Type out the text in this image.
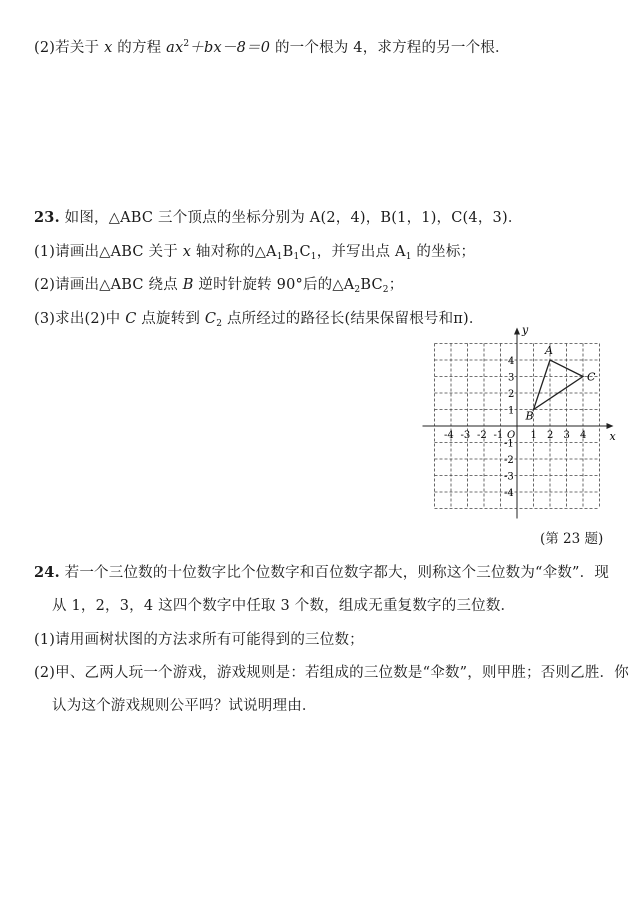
(2)若关于 x 的方程 $ax^2+bx-8=0$ 的一个根为 4，求方程的另一个根．
23. 如图，△ABC 三个顶点的坐标分别为 A(2，4)，B(1，1)，C(4，3)．
(1)请画出△ABC 关于 x 轴对称的$\triangle A_1B_1C_1$，并写出点 $A_1$ 的坐标；
(2)请画出△ABC 绕点 B 逆时针旋转 90°后的$\triangle A_2BC_2$；
(3)求出(2)中 C 点旋转到 $C_2$ 点所经过的路径长(结果保留根号和π)．
x
y
O
-4 -3 -2 -1	1 2 3 4
1
2
3
4
-1
-2
-3
-4
A
B
C
(第 23 题)
24. 若一个三位数的十位数字比个位数字和百位数字都大，则称这个三位数为“伞数”．现
从 1，2，3，4 这四个数字中任取 3 个数，组成无重复数字的三位数．
(1)请用画树状图的方法求所有可能得到的三位数；
(2)甲、乙两人玩一个游戏，游戏规则是：若组成的三位数是“伞数”，则甲胜；否则乙胜．你
认为这个游戏规则公平吗？试说明理由．
